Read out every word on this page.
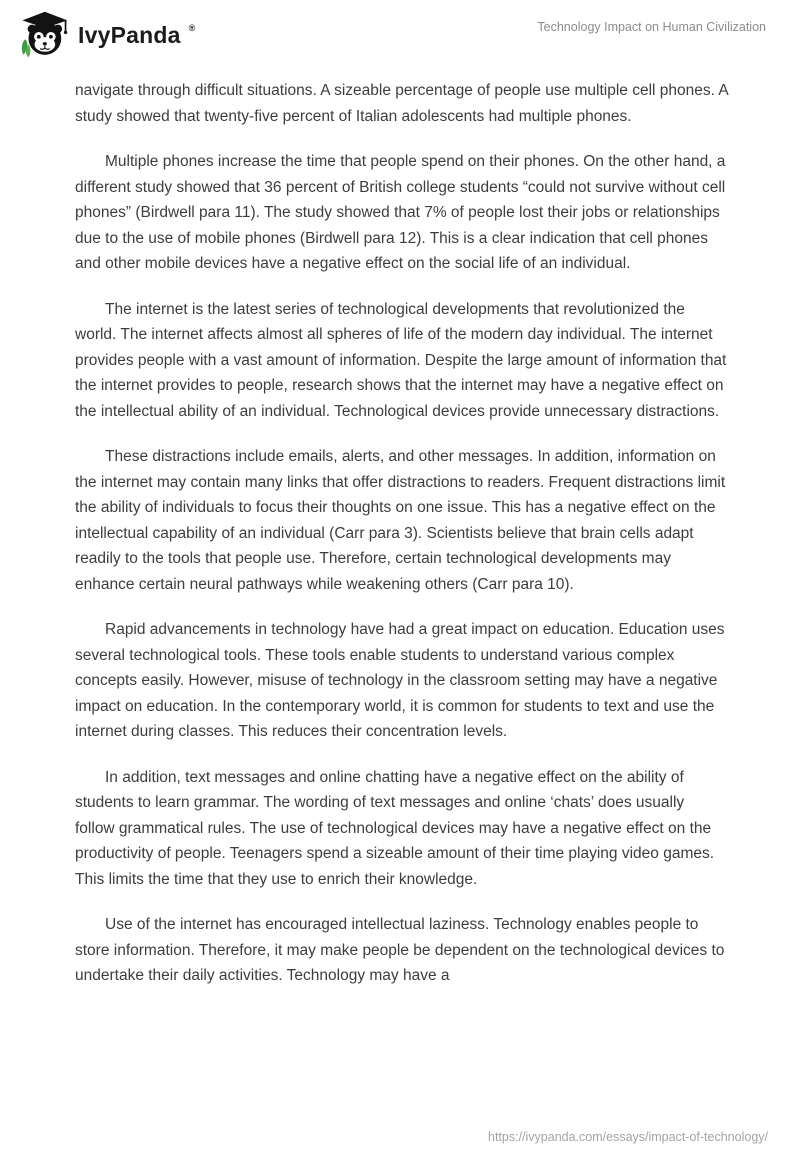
IvyPanda ®	Technology Impact on Human Civilization

navigate through difficult situations. A sizeable percentage of people use multiple cell phones. A study showed that twenty-five percent of Italian adolescents had multiple phones.

Multiple phones increase the time that people spend on their phones. On the other hand, a different study showed that 36 percent of British college students “could not survive without cell phones” (Birdwell para 11). The study showed that 7% of people lost their jobs or relationships due to the use of mobile phones (Birdwell para 12). This is a clear indication that cell phones and other mobile devices have a negative effect on the social life of an individual.

The internet is the latest series of technological developments that revolutionized the world. The internet affects almost all spheres of life of the modern day individual. The internet provides people with a vast amount of information. Despite the large amount of information that the internet provides to people, research shows that the internet may have a negative effect on the intellectual ability of an individual. Technological devices provide unnecessary distractions.

These distractions include emails, alerts, and other messages. In addition, information on the internet may contain many links that offer distractions to readers. Frequent distractions limit the ability of individuals to focus their thoughts on one issue. This has a negative effect on the intellectual capability of an individual (Carr para 3). Scientists believe that brain cells adapt readily to the tools that people use. Therefore, certain technological developments may enhance certain neural pathways while weakening others (Carr para 10).

Rapid advancements in technology have had a great impact on education. Education uses several technological tools. These tools enable students to understand various complex concepts easily. However, misuse of technology in the classroom setting may have a negative impact on education. In the contemporary world, it is common for students to text and use the internet during classes. This reduces their concentration levels.

In addition, text messages and online chatting have a negative effect on the ability of students to learn grammar. The wording of text messages and online ‘chats’ does usually follow grammatical rules. The use of technological devices may have a negative effect on the productivity of people. Teenagers spend a sizeable amount of their time playing video games. This limits the time that they use to enrich their knowledge.

Use of the internet has encouraged intellectual laziness. Technology enables people to store information. Therefore, it may make people be dependent on the technological devices to undertake their daily activities. Technology may have a

https://ivypanda.com/essays/impact-of-technology/
